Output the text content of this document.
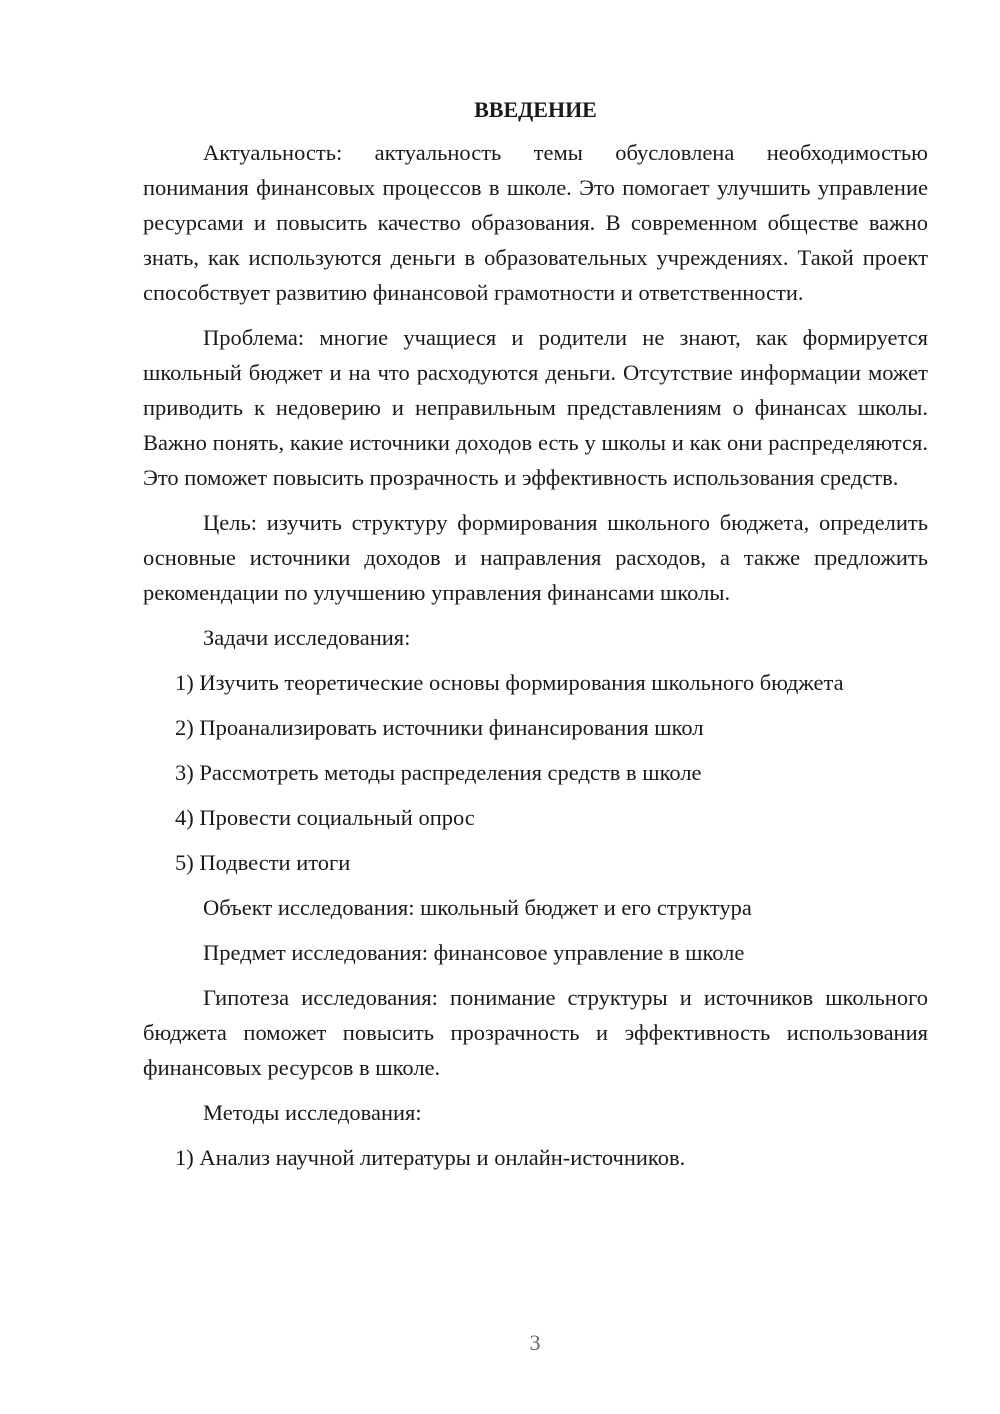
ВВЕДЕНИЕ

Актуальность: актуальность темы обусловлена необходимостью понимания финансовых процессов в школе. Это помогает улучшить управление ресурсами и повысить качество образования. В современном обществе важно знать, как используются деньги в образовательных учреждениях. Такой проект способствует развитию финансовой грамотности и ответственности.

Проблема: многие учащиеся и родители не знают, как формируется школьный бюджет и на что расходуются деньги. Отсутствие информации может приводить к недоверию и неправильным представлениям о финансах школы. Важно понять, какие источники доходов есть у школы и как они распределяются. Это поможет повысить прозрачность и эффективность использования средств.

Цель: изучить структуру формирования школьного бюджета, определить основные источники доходов и направления расходов, а также предложить рекомендации по улучшению управления финансами школы.

Задачи исследования:

1) Изучить теоретические основы формирования школьного бюджета

2) Проанализировать источники финансирования школ

3) Рассмотреть методы распределения средств в школе

4) Провести социальный опрос

5) Подвести итоги

Объект исследования: школьный бюджет и его структура

Предмет исследования: финансовое управление в школе

Гипотеза исследования: понимание структуры и источников школьного бюджета поможет повысить прозрачность и эффективность использования финансовых ресурсов в школе.

Методы исследования:

1) Анализ научной литературы и онлайн-источников.

3
